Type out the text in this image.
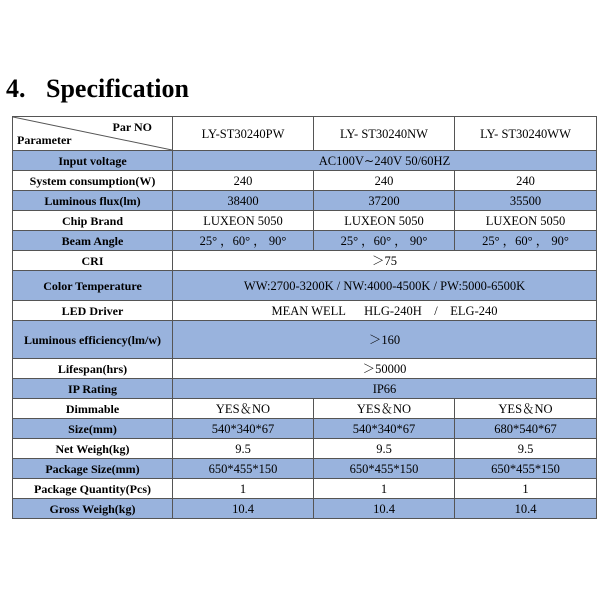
4. Specification
Par NO
Parameter	LY-ST30240PW	LY- ST30240NW	LY- ST30240WW
Input voltage	AC100V∼240V 50/60HZ		
System consumption(W)	240	240	240
Luminous flux(lm)	38400	37200	35500
Chip Brand	LUXEON 5050	LUXEON 5050	LUXEON 5050
Beam Angle	25° ，60° ， 90°	25° ，60° ， 90°	25° ，60° ， 90°
CRI	＞75		
Color Temperature	WW:2700-3200K / NW:4000-4500K / PW:5000-6500K		
LED Driver	MEAN WELL      HLG-240H    /    ELG-240		
Luminous efficiency(lm/w)	＞160		
Lifespan(hrs)	＞50000		
IP Rating	IP66		
Dimmable	YES＆NO	YES＆NO	YES＆NO
Size(mm)	540*340*67	540*340*67	680*540*67
Net Weigh(kg)	9.5	9.5	9.5
Package Size(mm)	650*455*150	650*455*150	650*455*150
Package Quantity(Pcs)	1	1	1
Gross Weigh(kg)	10.4	10.4	10.4
